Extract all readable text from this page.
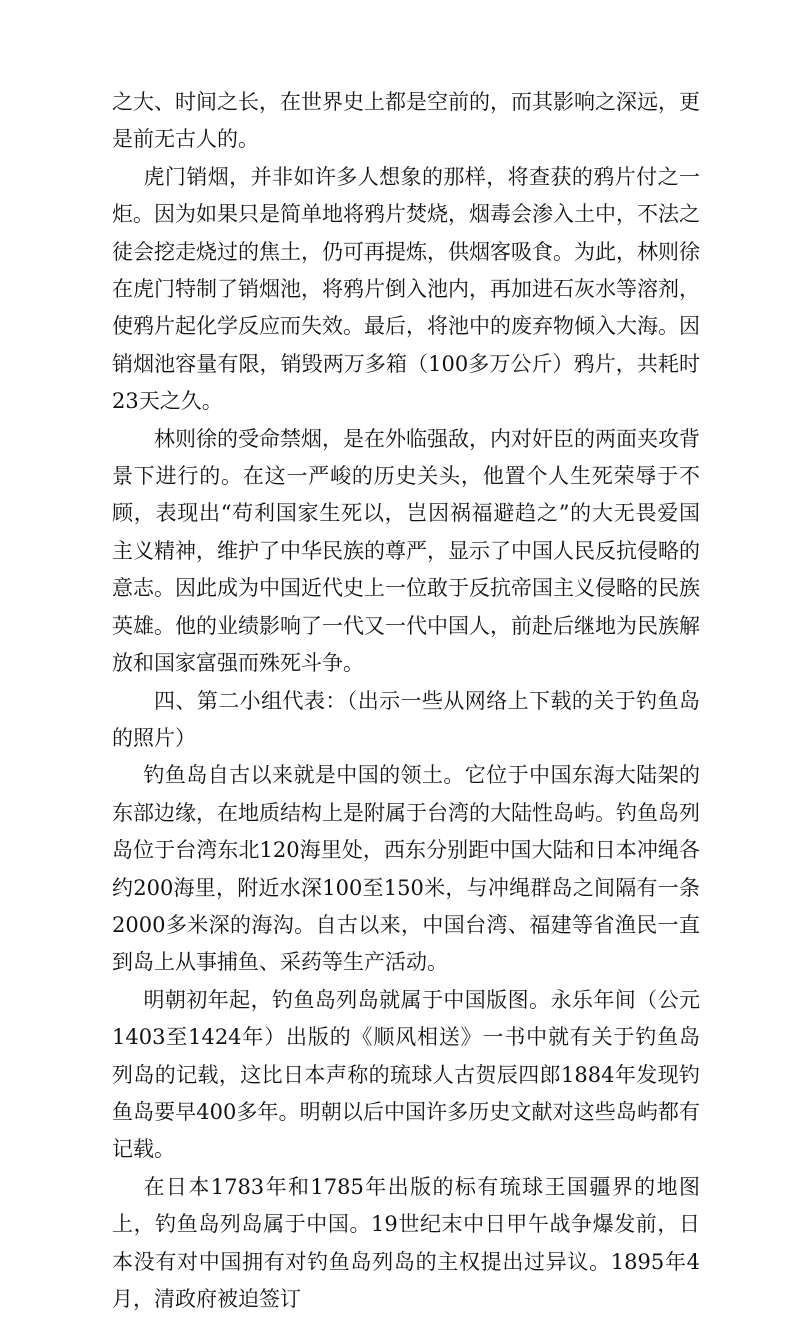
之大、时间之长，在世界史上都是空前的，而其影响之深远，更是前无古人的。

虎门销烟，并非如许多人想象的那样，将查获的鸦片付之一炬。因为如果只是简单地将鸦片焚烧，烟毒会渗入土中，不法之徒会挖走烧过的焦土，仍可再提炼，供烟客吸食。为此，林则徐在虎门特制了销烟池，将鸦片倒入池内，再加进石灰水等溶剂，使鸦片起化学反应而失效。最后，将池中的废弃物倾入大海。因销烟池容量有限，销毁两万多箱（100多万公斤）鸦片，共耗时23天之久。

林则徐的受命禁烟，是在外临强敌，内对奸臣的两面夹攻背景下进行的。在这一严峻的历史关头，他置个人生死荣辱于不顾，表现出“苟利国家生死以，岂因祸福避趋之”的大无畏爱国主义精神，维护了中华民族的尊严，显示了中国人民反抗侵略的意志。因此成为中国近代史上一位敢于反抗帝国主义侵略的民族英雄。他的业绩影响了一代又一代中国人，前赴后继地为民族解放和国家富强而殊死斗争。

四、第二小组代表：（出示一些从网络上下载的关于钓鱼岛的照片）

钓鱼岛自古以来就是中国的领土。它位于中国东海大陆架的东部边缘，在地质结构上是附属于台湾的大陆性岛屿。钓鱼岛列岛位于台湾东北120海里处，西东分别距中国大陆和日本冲绳各约200海里，附近水深100至150米，与冲绳群岛之间隔有一条2000多米深的海沟。自古以来，中国台湾、福建等省渔民一直到岛上从事捕鱼、采药等生产活动。

明朝初年起，钓鱼岛列岛就属于中国版图。永乐年间（公元1403至1424年）出版的《顺风相送》一书中就有关于钓鱼岛列岛的记载，这比日本声称的琉球人古贺辰四郎1884年发现钓鱼岛要早400多年。明朝以后中国许多历史文献对这些岛屿都有记载。

在日本1783年和1785年出版的标有琉球王国疆界的地图上，钓鱼岛列岛属于中国。19世纪末中日甲午战争爆发前，日本没有对中国拥有对钓鱼岛列岛的主权提出过异议。1895年4月，清政府被迫签订
